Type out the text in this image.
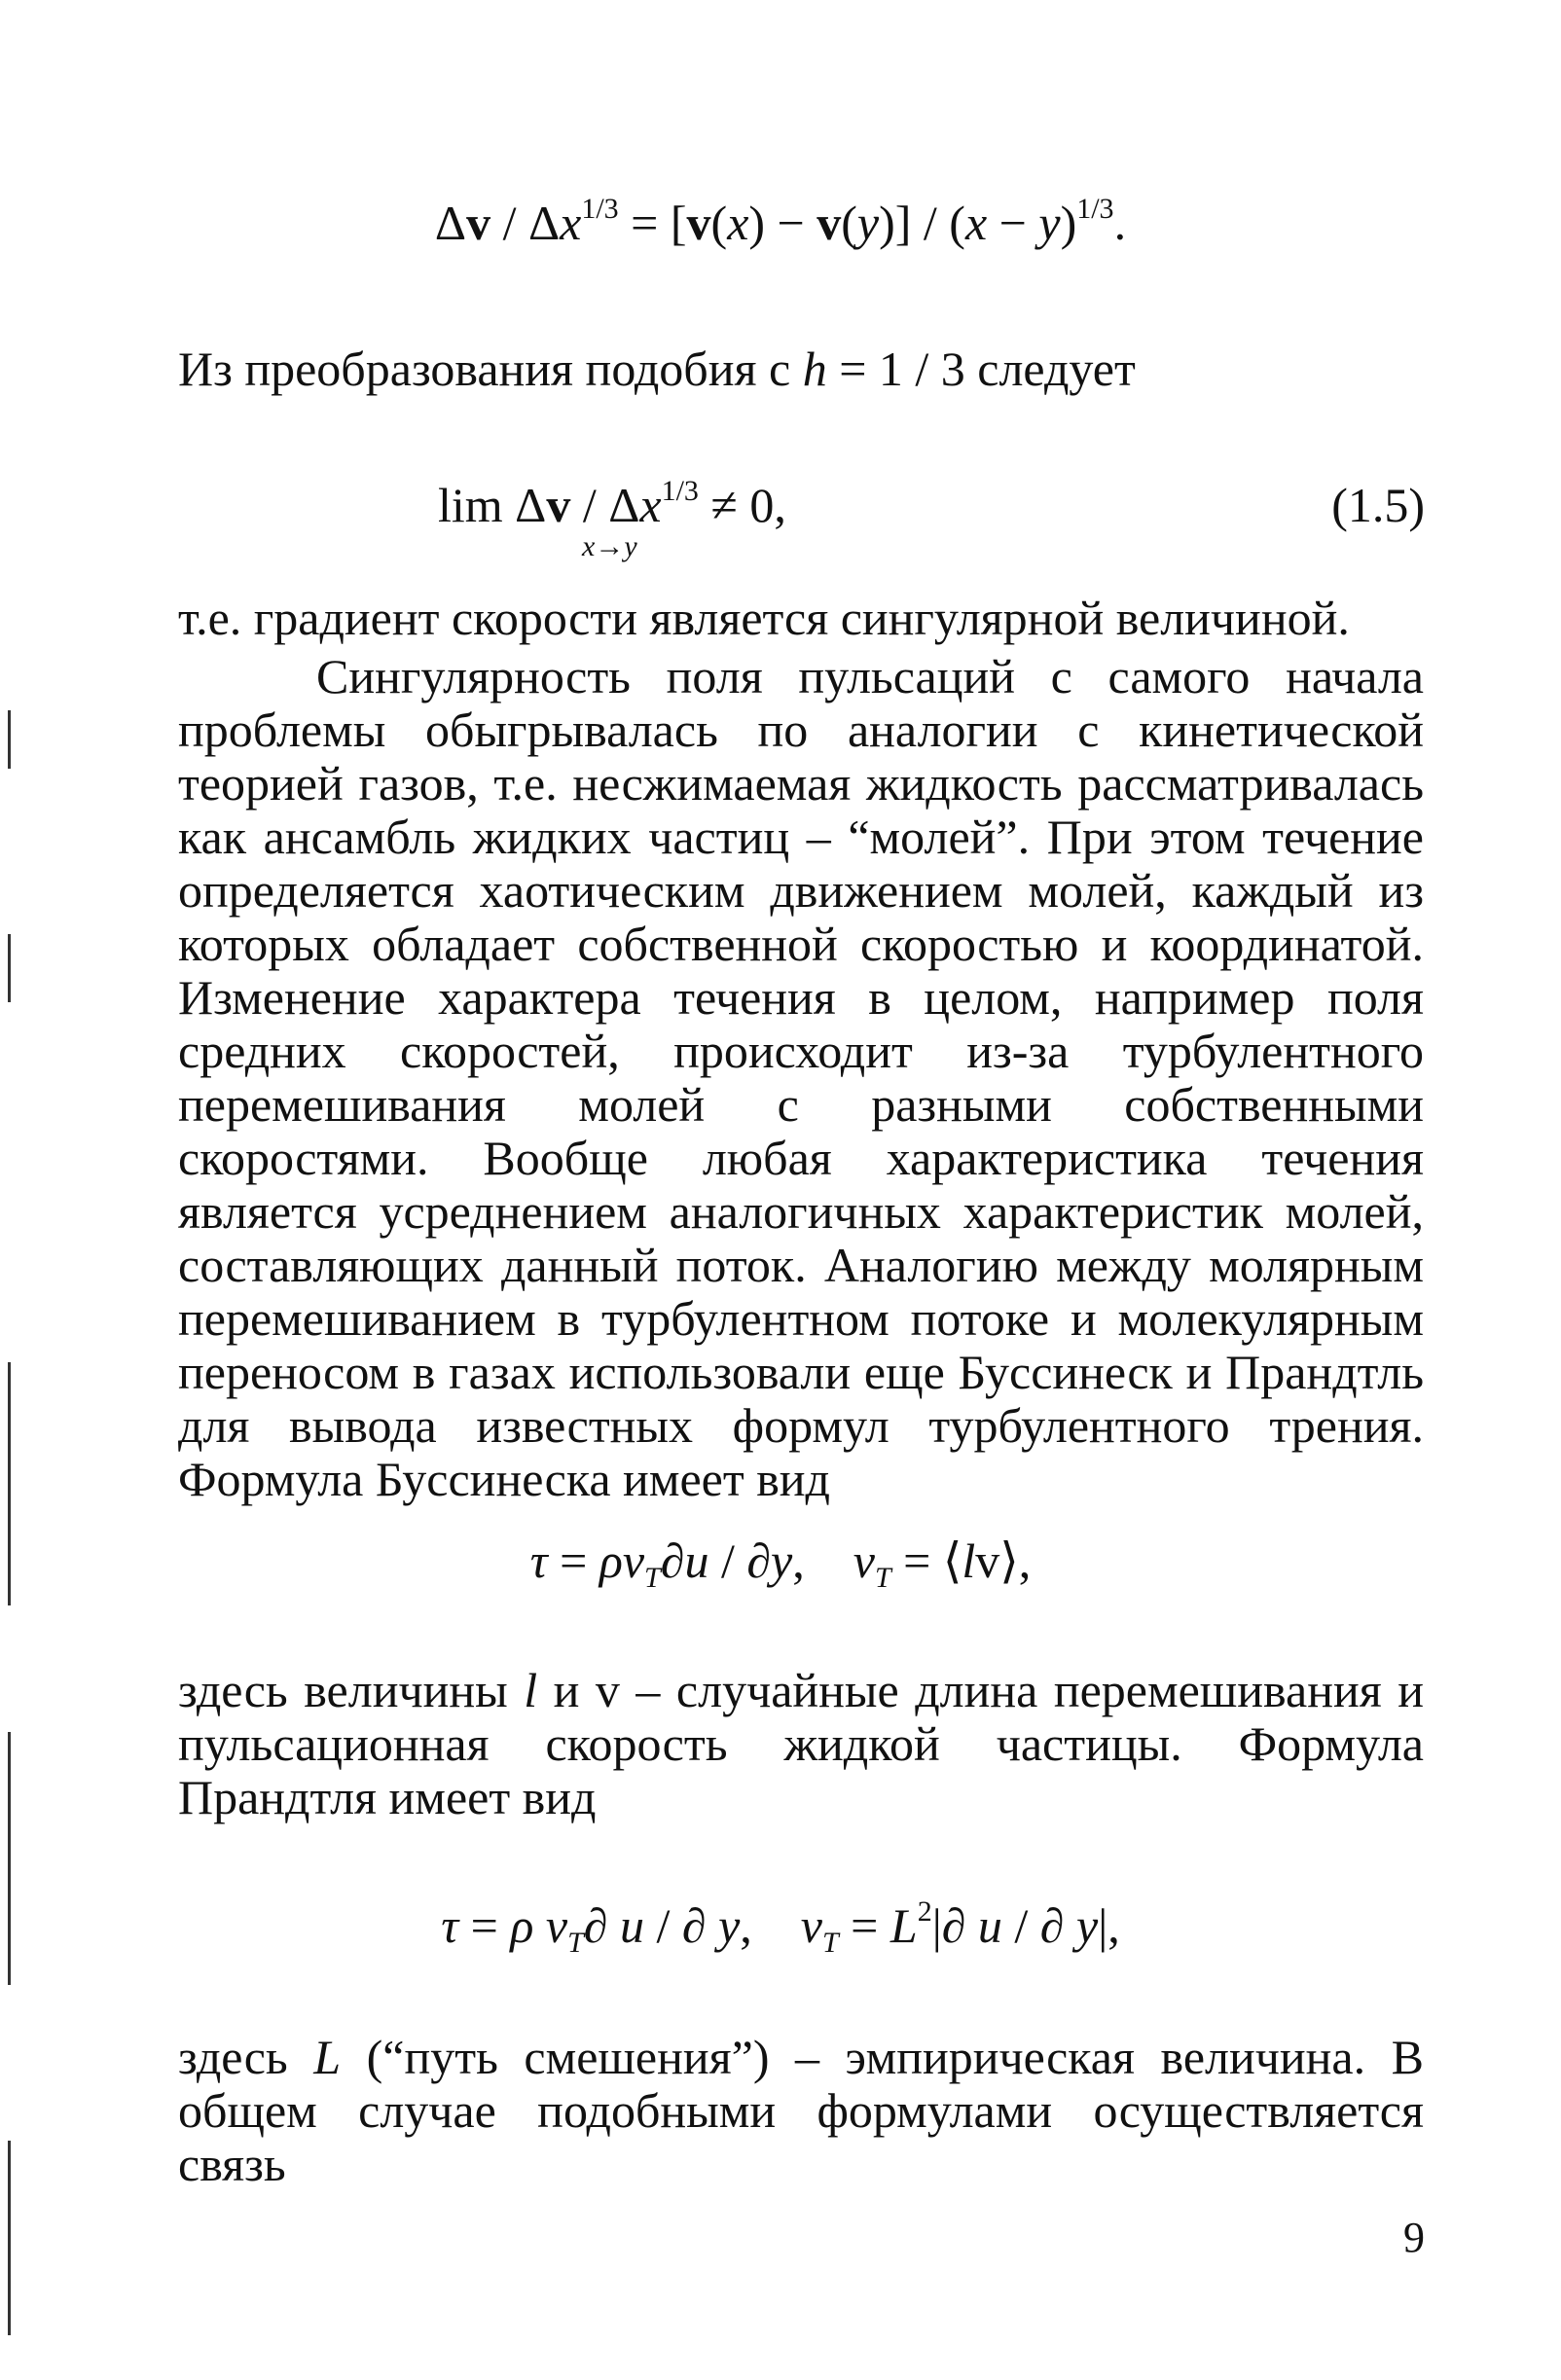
$\Delta v / \Delta x^{1/3} = [v(x) - v(y)] / (x - y)^{1/3}$.
Из преобразования подобия с h = 1 / 3 следует
$\lim \Delta v / \Delta x^{1/3} \ne 0$,
x→y
(1.5)
т.е. градиент скорости является сингулярной величиной.
Сингулярность поля пульсаций с самого начала проблемы обыгрывалась по аналогии с кинетической теорией газов, т.е. несжимаемая жидкость рассматривалась как ансамбль жидких частиц – “молей”. При этом течение определяется хаотическим движением молей, каждый из которых обладает собственной скоростью и координатой. Изменение характера течения в целом, например поля средних скоростей, происходит из-за турбулентного перемешивания молей с разными собственными скоростями. Вообще любая характеристика течения является усреднением аналогичных характеристик молей, составляющих данный поток. Аналогию между молярным перемешиванием в турбулентном потоке и молекулярным переносом в газах использовали еще Буссинеск и Прандтль для вывода известных формул турбулентного трения. Формула Буссинеска имеет вид
$\tau = \rho\nu_T\partial u / \partial y$,    $\nu_T$ = ⟨lv⟩,
здесь величины l и v – случайные длина перемешивания и пульсационная скорость жидкой частицы. Формула Прандтля имеет вид
τ = ρ $\nu_T\partial$ u / ∂ y,    $\nu_T = L^2|\partial$ u / ∂ y|,
здесь L (“путь смешения”) – эмпирическая величина. В общем случае подобными формулами осуществляется связь
9
